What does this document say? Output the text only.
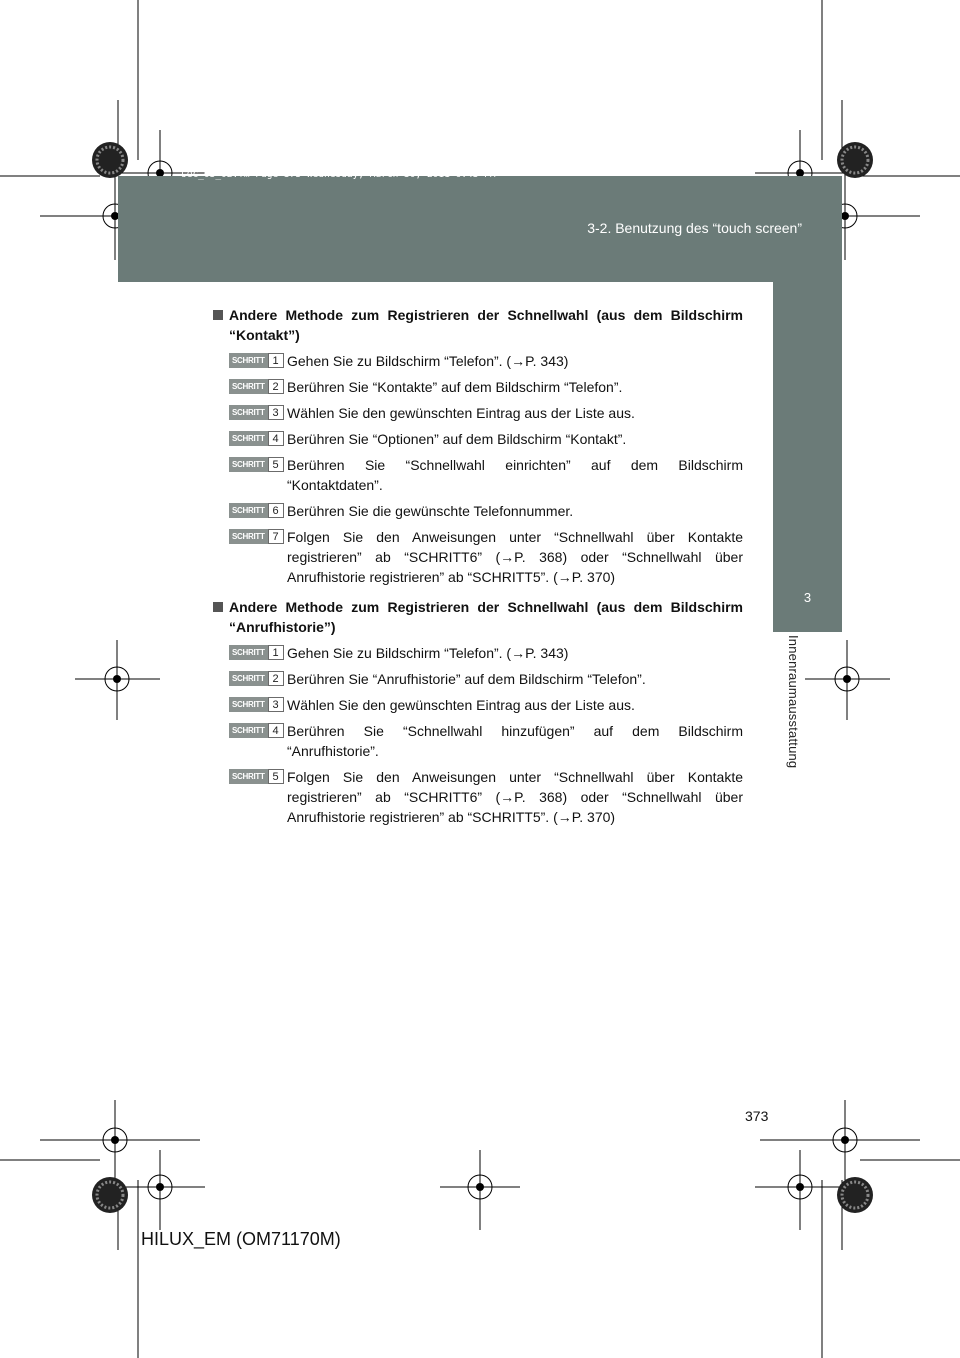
3-2. Benutzung des “touch screen”
3
Innenraumausstattung
sec_03_02.fm Page 373 Wednesday, March 30, 2011 6:43 PM
Andere Methode zum Registrieren der Schnellwahl (aus dem Bildschirm “Kontakt”)
SCHRITT 1 Gehen Sie zu Bildschirm “Telefon”. (→P. 343)
SCHRITT 2 Berühren Sie “Kontakte” auf dem Bildschirm “Telefon”.
SCHRITT 3 Wählen Sie den gewünschten Eintrag aus der Liste aus.
SCHRITT 4 Berühren Sie “Optionen” auf dem Bildschirm “Kontakt”.
SCHRITT 5 Berühren Sie “Schnellwahl einrichten” auf dem Bildschirm “Kontaktdaten”.
SCHRITT 6 Berühren Sie die gewünschte Telefonnummer.
SCHRITT 7 Folgen Sie den Anweisungen unter “Schnellwahl über Kontakte registrieren” ab “SCHRITT6” (→P. 368) oder “Schnellwahl über Anrufhistorie registrieren” ab “SCHRITT5”. (→P. 370)
Andere Methode zum Registrieren der Schnellwahl (aus dem Bildschirm “Anrufhistorie”)
SCHRITT 1 Gehen Sie zu Bildschirm “Telefon”. (→P. 343)
SCHRITT 2 Berühren Sie “Anrufhistorie” auf dem Bildschirm “Telefon”.
SCHRITT 3 Wählen Sie den gewünschten Eintrag aus der Liste aus.
SCHRITT 4 Berühren Sie “Schnellwahl hinzufügen” auf dem Bildschirm “Anrufhistorie”.
SCHRITT 5 Folgen Sie den Anweisungen unter “Schnellwahl über Kontakte registrieren” ab “SCHRITT6” (→P. 368) oder “Schnellwahl über Anrufhistorie registrieren” ab “SCHRITT5”. (→P. 370)
373
HILUX_EM (OM71170M)
